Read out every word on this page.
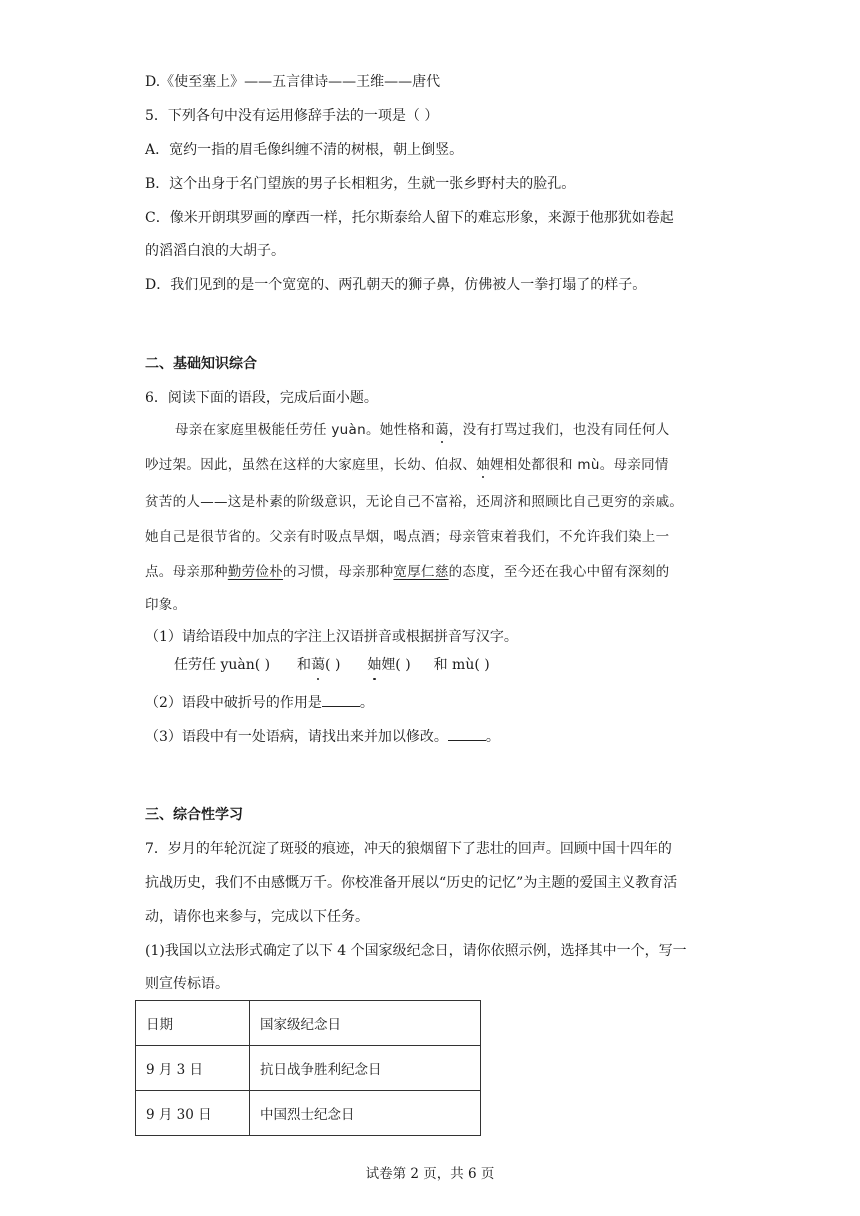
D.《使至塞上》——五言律诗——王维——唐代
5．下列各句中没有运用修辞手法的一项是（ ）
A．宽约一指的眉毛像纠缠不清的树根，朝上倒竖。
B．这个出身于名门望族的男子长相粗劣，生就一张乡野村夫的脸孔。
C．像米开朗琪罗画的摩西一样，托尔斯泰给人留下的难忘形象，来源于他那犹如卷起
的滔滔白浪的大胡子。
D．我们见到的是一个宽宽的、两孔朝天的狮子鼻，仿佛被人一拳打塌了的样子。
二、基础知识综合
6．阅读下面的语段，完成后面小题。
母亲在家庭里极能任劳任 yuàn。她性格和蔼，没有打骂过我们，也没有同任何人
吵过架。因此，虽然在这样的大家庭里，长幼、伯叔、妯娌相处都很和 mù。母亲同情
贫苦的人——这是朴素的阶级意识，无论自己不富裕，还周济和照顾比自己更穷的亲戚。
她自己是很节省的。父亲有时吸点旱烟，喝点酒；母亲管束着我们，不允许我们染上一
点。母亲那种勤劳俭朴的习惯，母亲那种宽厚仁慈的态度，至今还在我心中留有深刻的
印象。
（1）请给语段中加点的字注上汉语拼音或根据拼音写汉字。
任劳任 yuàn( ) 和蔼( ) 妯娌( ) 和 mù( )
（2）语段中破折号的作用是	。
（3）语段中有一处语病，请找出来并加以修改。	。
三、综合性学习
7．岁月的年轮沉淀了斑驳的痕迹，冲天的狼烟留下了悲壮的回声。回顾中国十四年的
抗战历史，我们不由感慨万千。你校准备开展以“历史的记忆”为主题的爱国主义教育活
动，请你也来参与，完成以下任务。
(1)我国以立法形式确定了以下 4 个国家级纪念日，请你依照示例，选择其中一个，写一
则宣传标语。
日期	国家级纪念日
9 月 3 日	抗日战争胜利纪念日
9 月 30 日	中国烈士纪念日
试卷第 2 页，共 6 页
